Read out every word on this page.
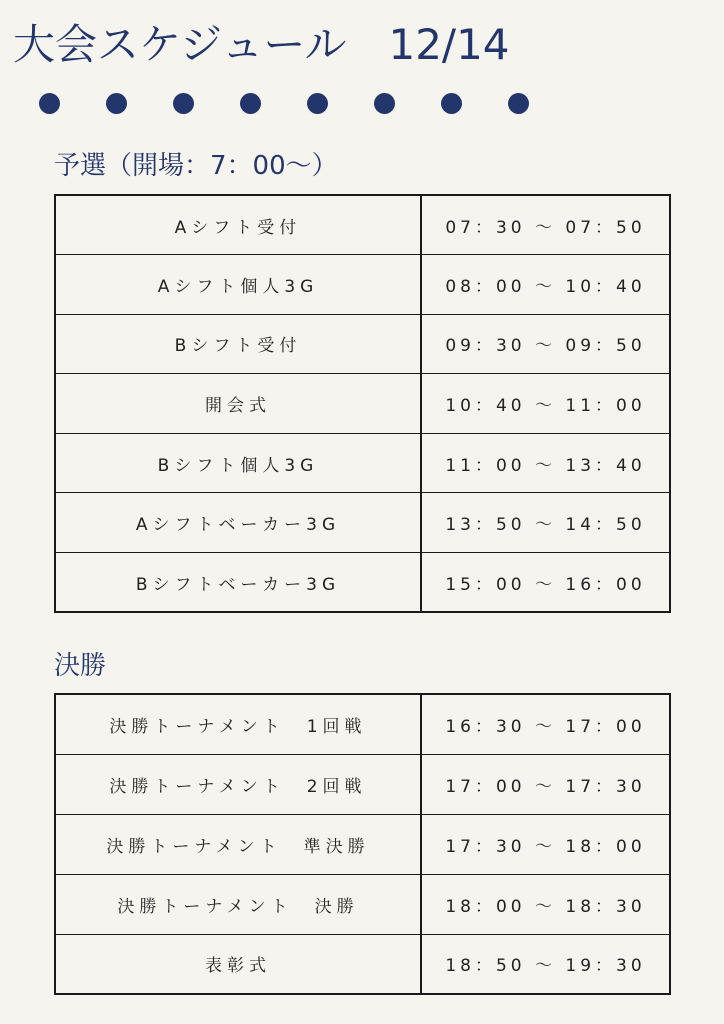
大会スケジュール　12/14
予選（開場：7：00〜）
Aシフト受付	07：30 〜 07：50
Aシフト個人3G	08：00 〜 10：40
Bシフト受付	09：30 〜 09：50
開会式	10：40 〜 11：00
Bシフト個人3G	11：00 〜 13：40
Aシフトベーカー3G	13：50 〜 14：50
Bシフトベーカー3G	15：00 〜 16：00
決勝
決勝トーナメント　1回戦	16：30 〜 17：00
決勝トーナメント　2回戦	17：00 〜 17：30
決勝トーナメント　準決勝	17：30 〜 18：00
決勝トーナメント　決勝	18：00 〜 18：30
表彰式	18：50 〜 19：30
